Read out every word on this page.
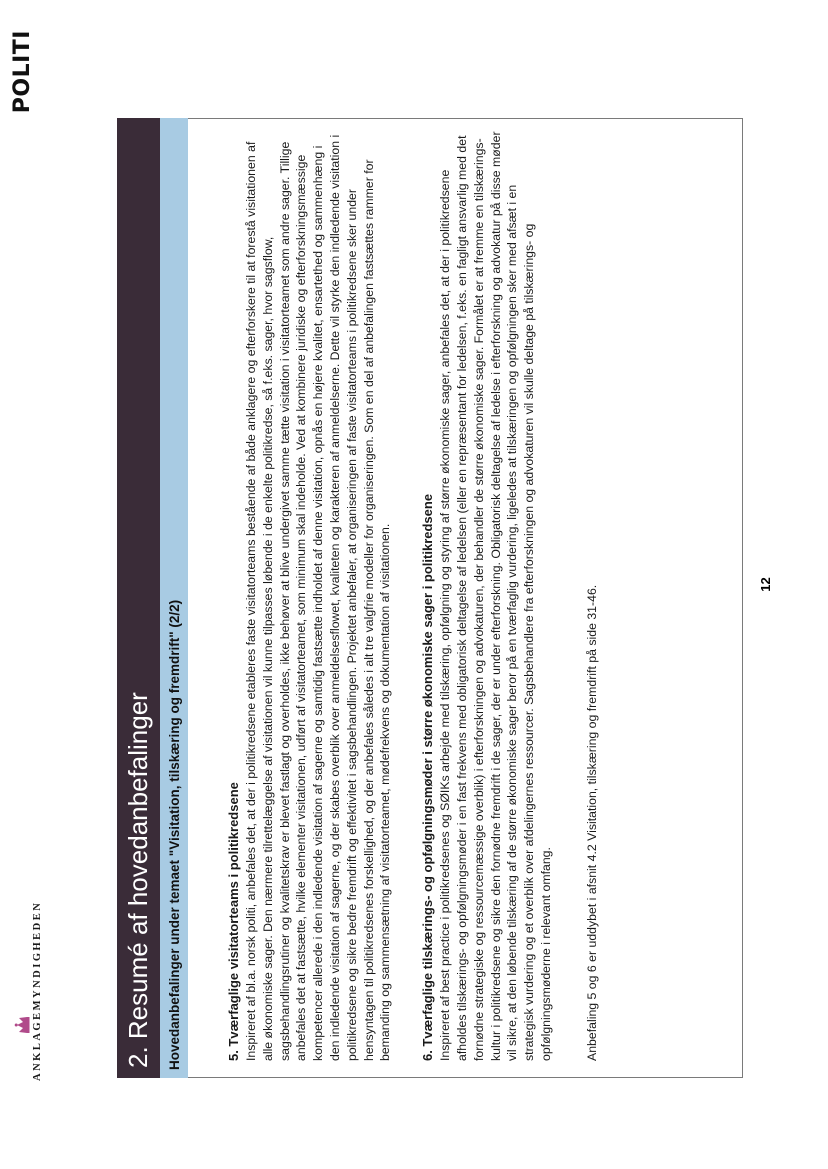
ANKLAGEMYNDIGHEDEN
POLITI
2. Resumé af hovedanbefalinger Hovedanbefalinger under temaet "Visitation, tilskæring og fremdrift" (2/2)	5. Tværfaglige visitatorteams i politikredsene Inspireret af bl.a. norsk politi, anbefales det, at der i politikredsene etableres faste visitatorteams bestående af både anklagere og efterforskere til at forestå visitationen af alle økonomiske sager. Den nærmere tilrettelæggelse af visitationen vil kunne tilpasses løbende i de enkelte politikredse, så f.eks. sager, hvor sagsflow, sagsbehandlingsrutiner og kvalitetskrav er blevet fastlagt og overholdes, ikke behøver at blive undergivet samme tætte visitation i visitatorteamet som andre sager. Tillige anbefales det at fastsætte, hvilke elementer visitationen, udført af visitatorteamet, som minimum skal indeholde. Ved at kombinere juridiske og efterforskningsmæssige kompetencer allerede i den indledende visitation af sagerne og samtidig fastsætte indholdet af denne visitation, opnås en højere kvalitet, ensartethed og sammenhæng i den indledende visitation af sagerne, og der skabes overblik over anmeldelsesflowet, kvaliteten og karakteren af anmeldelserne. Dette vil styrke den indledende visitation i politikredsene og sikre bedre fremdrift og effektivitet i sagsbehandlingen. Projektet anbefaler, at organiseringen af faste visitatorteams i politikredsene sker under hensyntagen til politikredsenes forskellighed, og der anbefales således i alt tre valgfrie modeller for organiseringen. Som en del af anbefalingen fastsættes rammer for bemanding og sammensætning af visitatorteamet, mødefrekvens og dokumentation af visitationen. 6. Tværfaglige tilskærings- og opfølgningsmøder i større økonomiske sager i politikredsene Inspireret af best practice i politikredsenes og SØIKs arbejde med tilskæring, opfølgning og styring af større økonomiske sager, anbefales det, at der i politikredsene afholdes tilskærings- og opfølgningsmøder i en fast frekvens med obligatorisk deltagelse af ledelsen (eller en repræsentant for ledelsen, f.eks. en fagligt ansvarlig med det fornødne strategiske og ressourcemæssige overblik) i efterforskningen og advokaturen, der behandler de større økonomiske sager. Formålet er at fremme en tilskærings-kultur i politikredsene og sikre den fornødne fremdrift i de sager, der er under efterforskning. Obligatorisk deltagelse af ledelse i efterforskning og advokatur på disse møder vil sikre, at den løbende tilskæring af de større økonomiske sager beror på en tværfaglig vurdering, ligeledes at tilskæringen og opfølgningen sker med afsæt i en strategisk vurdering og et overblik over afdelingernes ressourcer. Sagsbehandlere fra efterforskningen og advokaturen vil skulle deltage på tilskærings- og opfølgningsmøderne i relevant omfang.	Anbefaling 5 og 6 er uddybet i afsnit 4.2 Visitation, tilskæring og fremdrift på side 31-46.
12
